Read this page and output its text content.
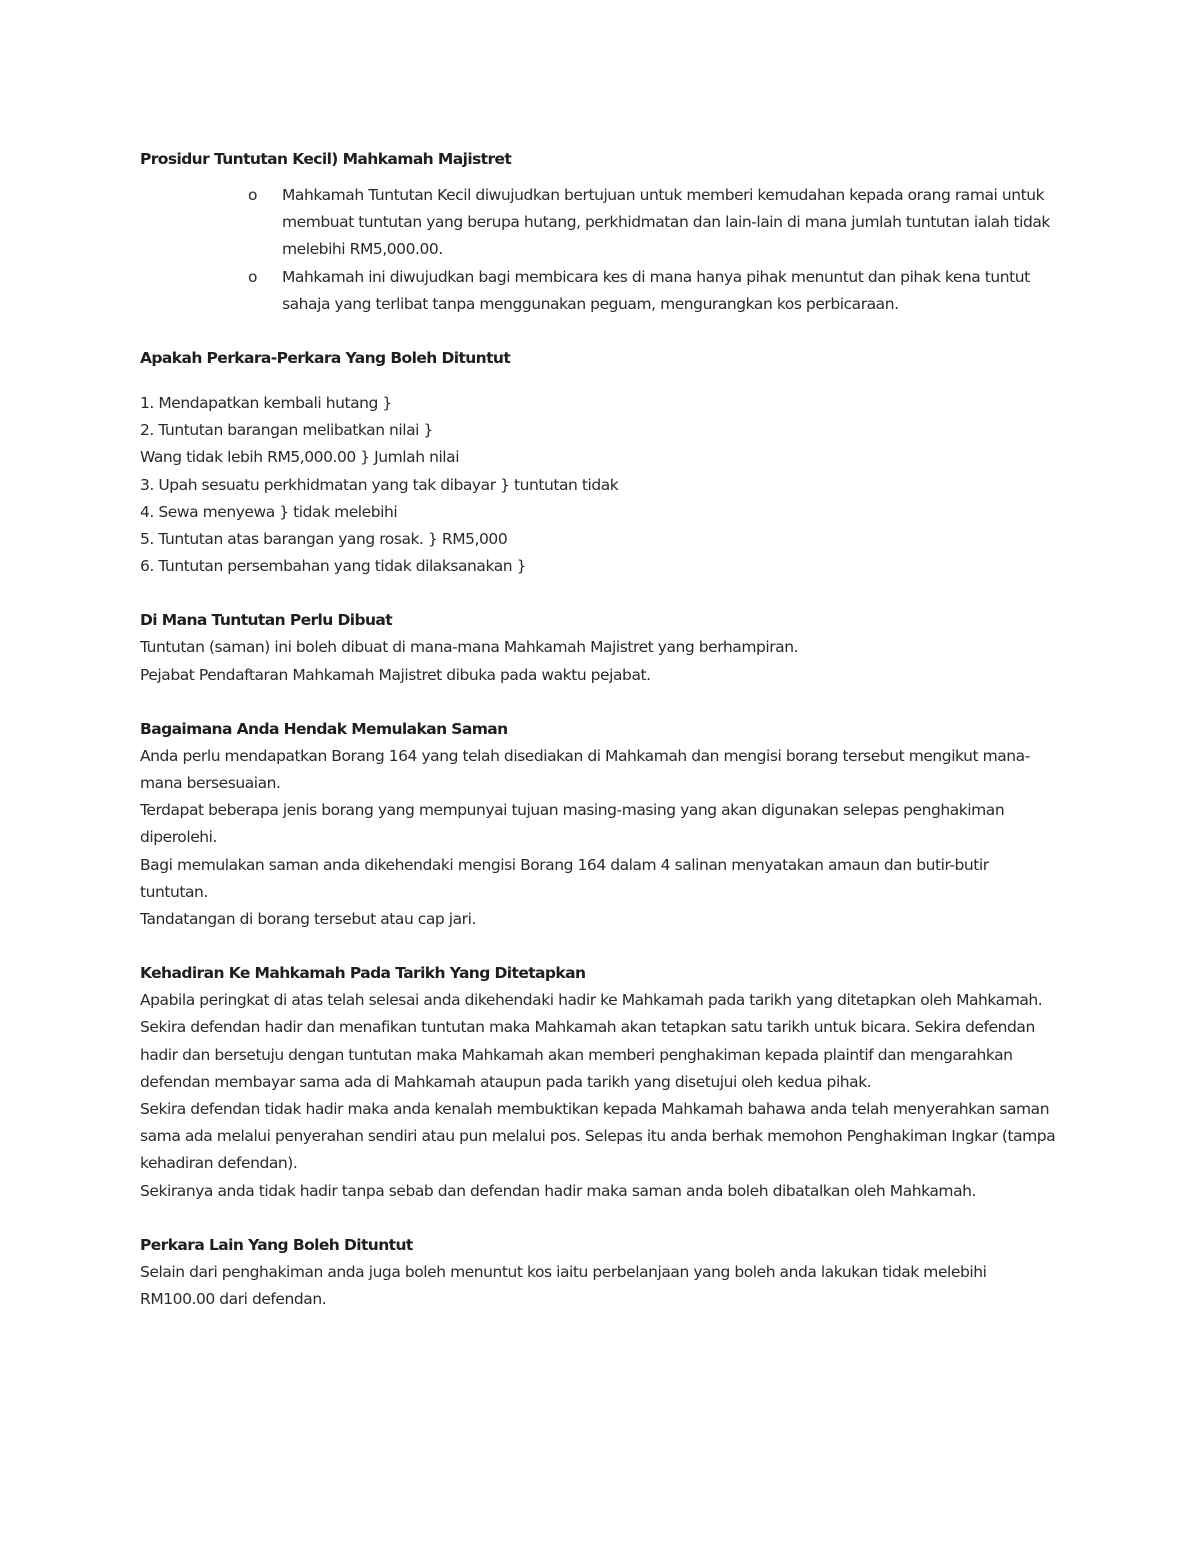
Prosidur Tuntutan Kecil) Mahkamah Majistret
o Mahkamah Tuntutan Kecil diwujudkan bertujuan untuk memberi kemudahan kepada orang ramai untuk membuat tuntutan yang berupa hutang, perkhidmatan dan lain-lain di mana jumlah tuntutan ialah tidak melebihi RM5,000.00.
o Mahkamah ini diwujudkan bagi membicara kes di mana hanya pihak menuntut dan pihak kena tuntut sahaja yang terlibat tanpa menggunakan peguam, mengurangkan kos perbicaraan.
Apakah Perkara-Perkara Yang Boleh Dituntut
1. Mendapatkan kembali hutang }
2. Tuntutan barangan melibatkan nilai }
Wang tidak lebih RM5,000.00 } Jumlah nilai
3. Upah sesuatu perkhidmatan yang tak dibayar } tuntutan tidak
4. Sewa menyewa } tidak melebihi
5. Tuntutan atas barangan yang rosak. } RM5,000
6. Tuntutan persembahan yang tidak dilaksanakan }
Di Mana Tuntutan Perlu Dibuat
Tuntutan (saman) ini boleh dibuat di mana-mana Mahkamah Majistret yang berhampiran.
Pejabat Pendaftaran Mahkamah Majistret dibuka pada waktu pejabat.
Bagaimana Anda Hendak Memulakan Saman
Anda perlu mendapatkan Borang 164 yang telah disediakan di Mahkamah dan mengisi borang tersebut mengikut mana-
mana bersesuaian.
Terdapat beberapa jenis borang yang mempunyai tujuan masing-masing yang akan digunakan selepas penghakiman
diperolehi.
Bagi memulakan saman anda dikehendaki mengisi Borang 164 dalam 4 salinan menyatakan amaun dan butir-butir
tuntutan.
Tandatangan di borang tersebut atau cap jari.
Kehadiran Ke Mahkamah Pada Tarikh Yang Ditetapkan
Apabila peringkat di atas telah selesai anda dikehendaki hadir ke Mahkamah pada tarikh yang ditetapkan oleh Mahkamah.
Sekira defendan hadir dan menafikan tuntutan maka Mahkamah akan tetapkan satu tarikh untuk bicara. Sekira defendan
hadir dan bersetuju dengan tuntutan maka Mahkamah akan memberi penghakiman kepada plaintif dan mengarahkan
defendan membayar sama ada di Mahkamah ataupun pada tarikh yang disetujui oleh kedua pihak.
Sekira defendan tidak hadir maka anda kenalah membuktikan kepada Mahkamah bahawa anda telah menyerahkan saman
sama ada melalui penyerahan sendiri atau pun melalui pos. Selepas itu anda berhak memohon Penghakiman Ingkar (tampa
kehadiran defendan).
Sekiranya anda tidak hadir tanpa sebab dan defendan hadir maka saman anda boleh dibatalkan oleh Mahkamah.
Perkara Lain Yang Boleh Dituntut
Selain dari penghakiman anda juga boleh menuntut kos iaitu perbelanjaan yang boleh anda lakukan tidak melebihi
RM100.00 dari defendan.
